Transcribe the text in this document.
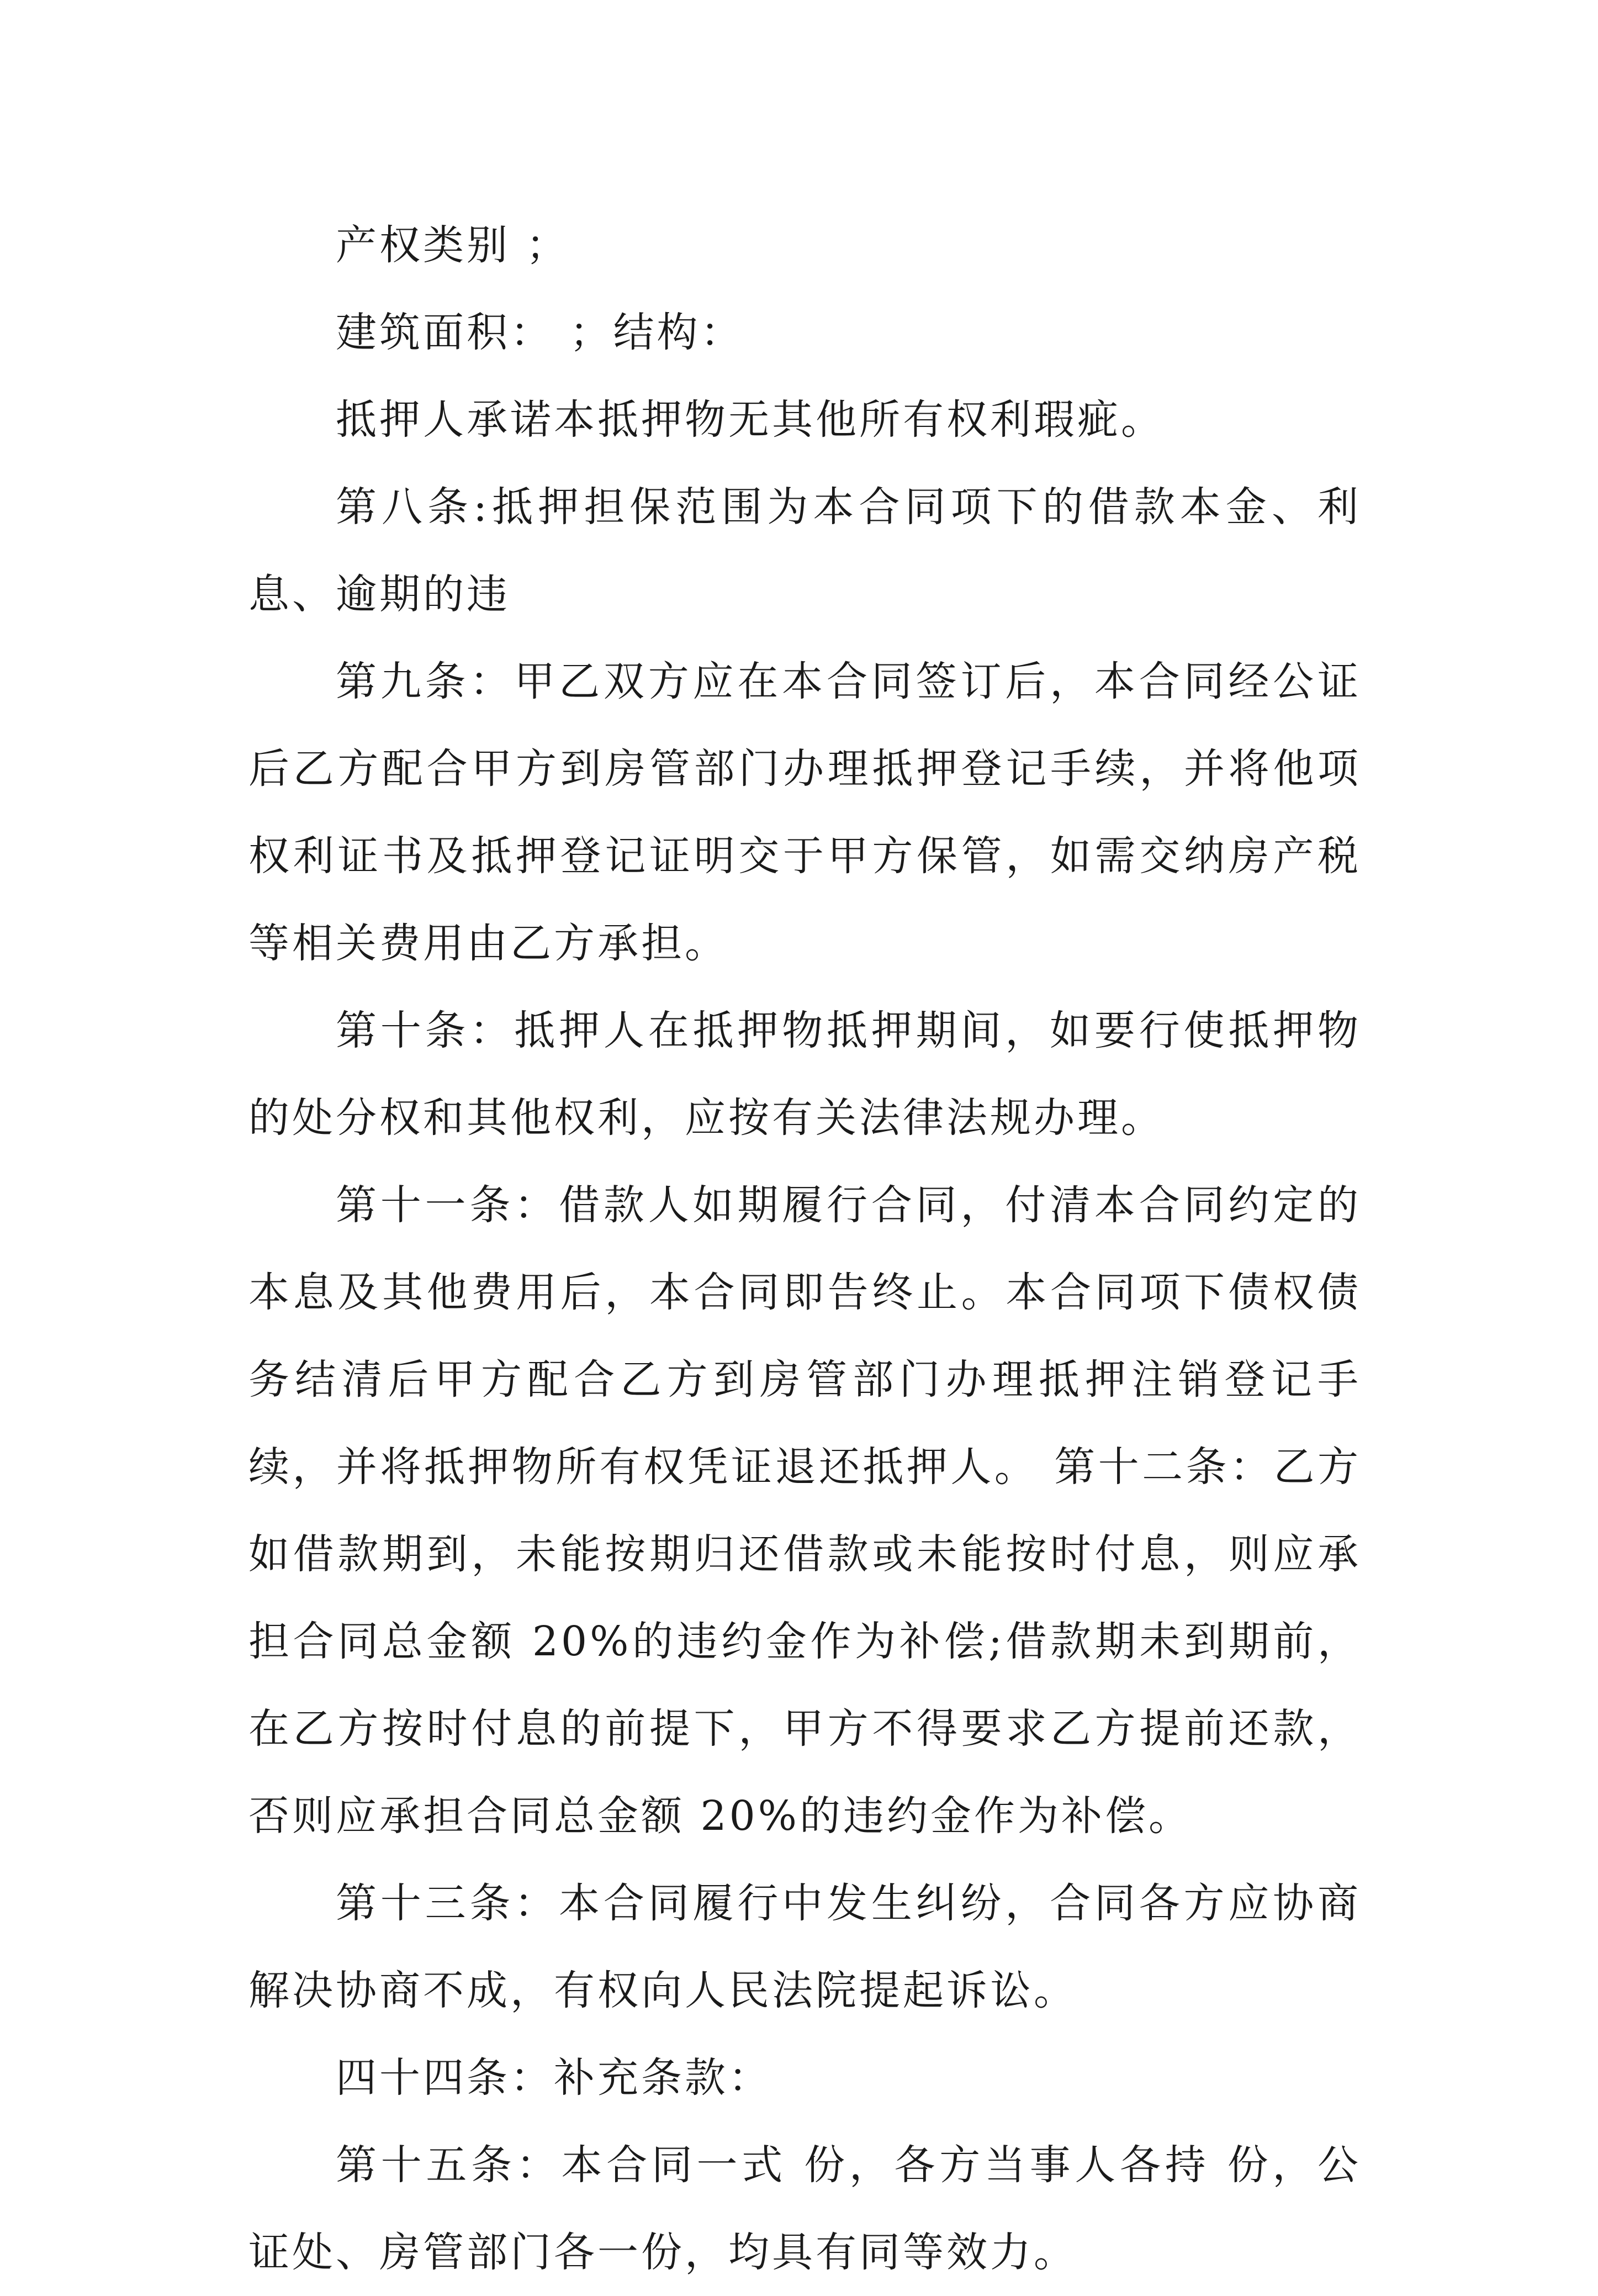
产权类别 ；

建筑面积： ；结构：

抵押人承诺本抵押物无其他所有权利瑕疵。

第八条:抵押担保范围为本合同项下的借款本金、利息、逾期的违

第九条：甲乙双方应在本合同签订后，本合同经公证后乙方配合甲方到房管部门办理抵押登记手续，并将他项权利证书及抵押登记证明交于甲方保管，如需交纳房产税等相关费用由乙方承担。

第十条：抵押人在抵押物抵押期间，如要行使抵押物的处分权和其他权利，应按有关法律法规办理。

第十一条：借款人如期履行合同，付清本合同约定的本息及其他费用后，本合同即告终止。本合同项下债权债务结清后甲方配合乙方到房管部门办理抵押注销登记手续，并将抵押物所有权凭证退还抵押人。 第十二条：乙方如借款期到，未能按期归还借款或未能按时付息，则应承担合同总金额 20%的违约金作为补偿;借款期未到期前，在乙方按时付息的前提下，甲方不得要求乙方提前还款，否则应承担合同总金额 20%的违约金作为补偿。

第十三条：本合同履行中发生纠纷，合同各方应协商解决协商不成，有权向人民法院提起诉讼。

四十四条：补充条款：

第十五条：本合同一式 份，各方当事人各持 份，公证处、房管部门各一份，均具有同等效力。
